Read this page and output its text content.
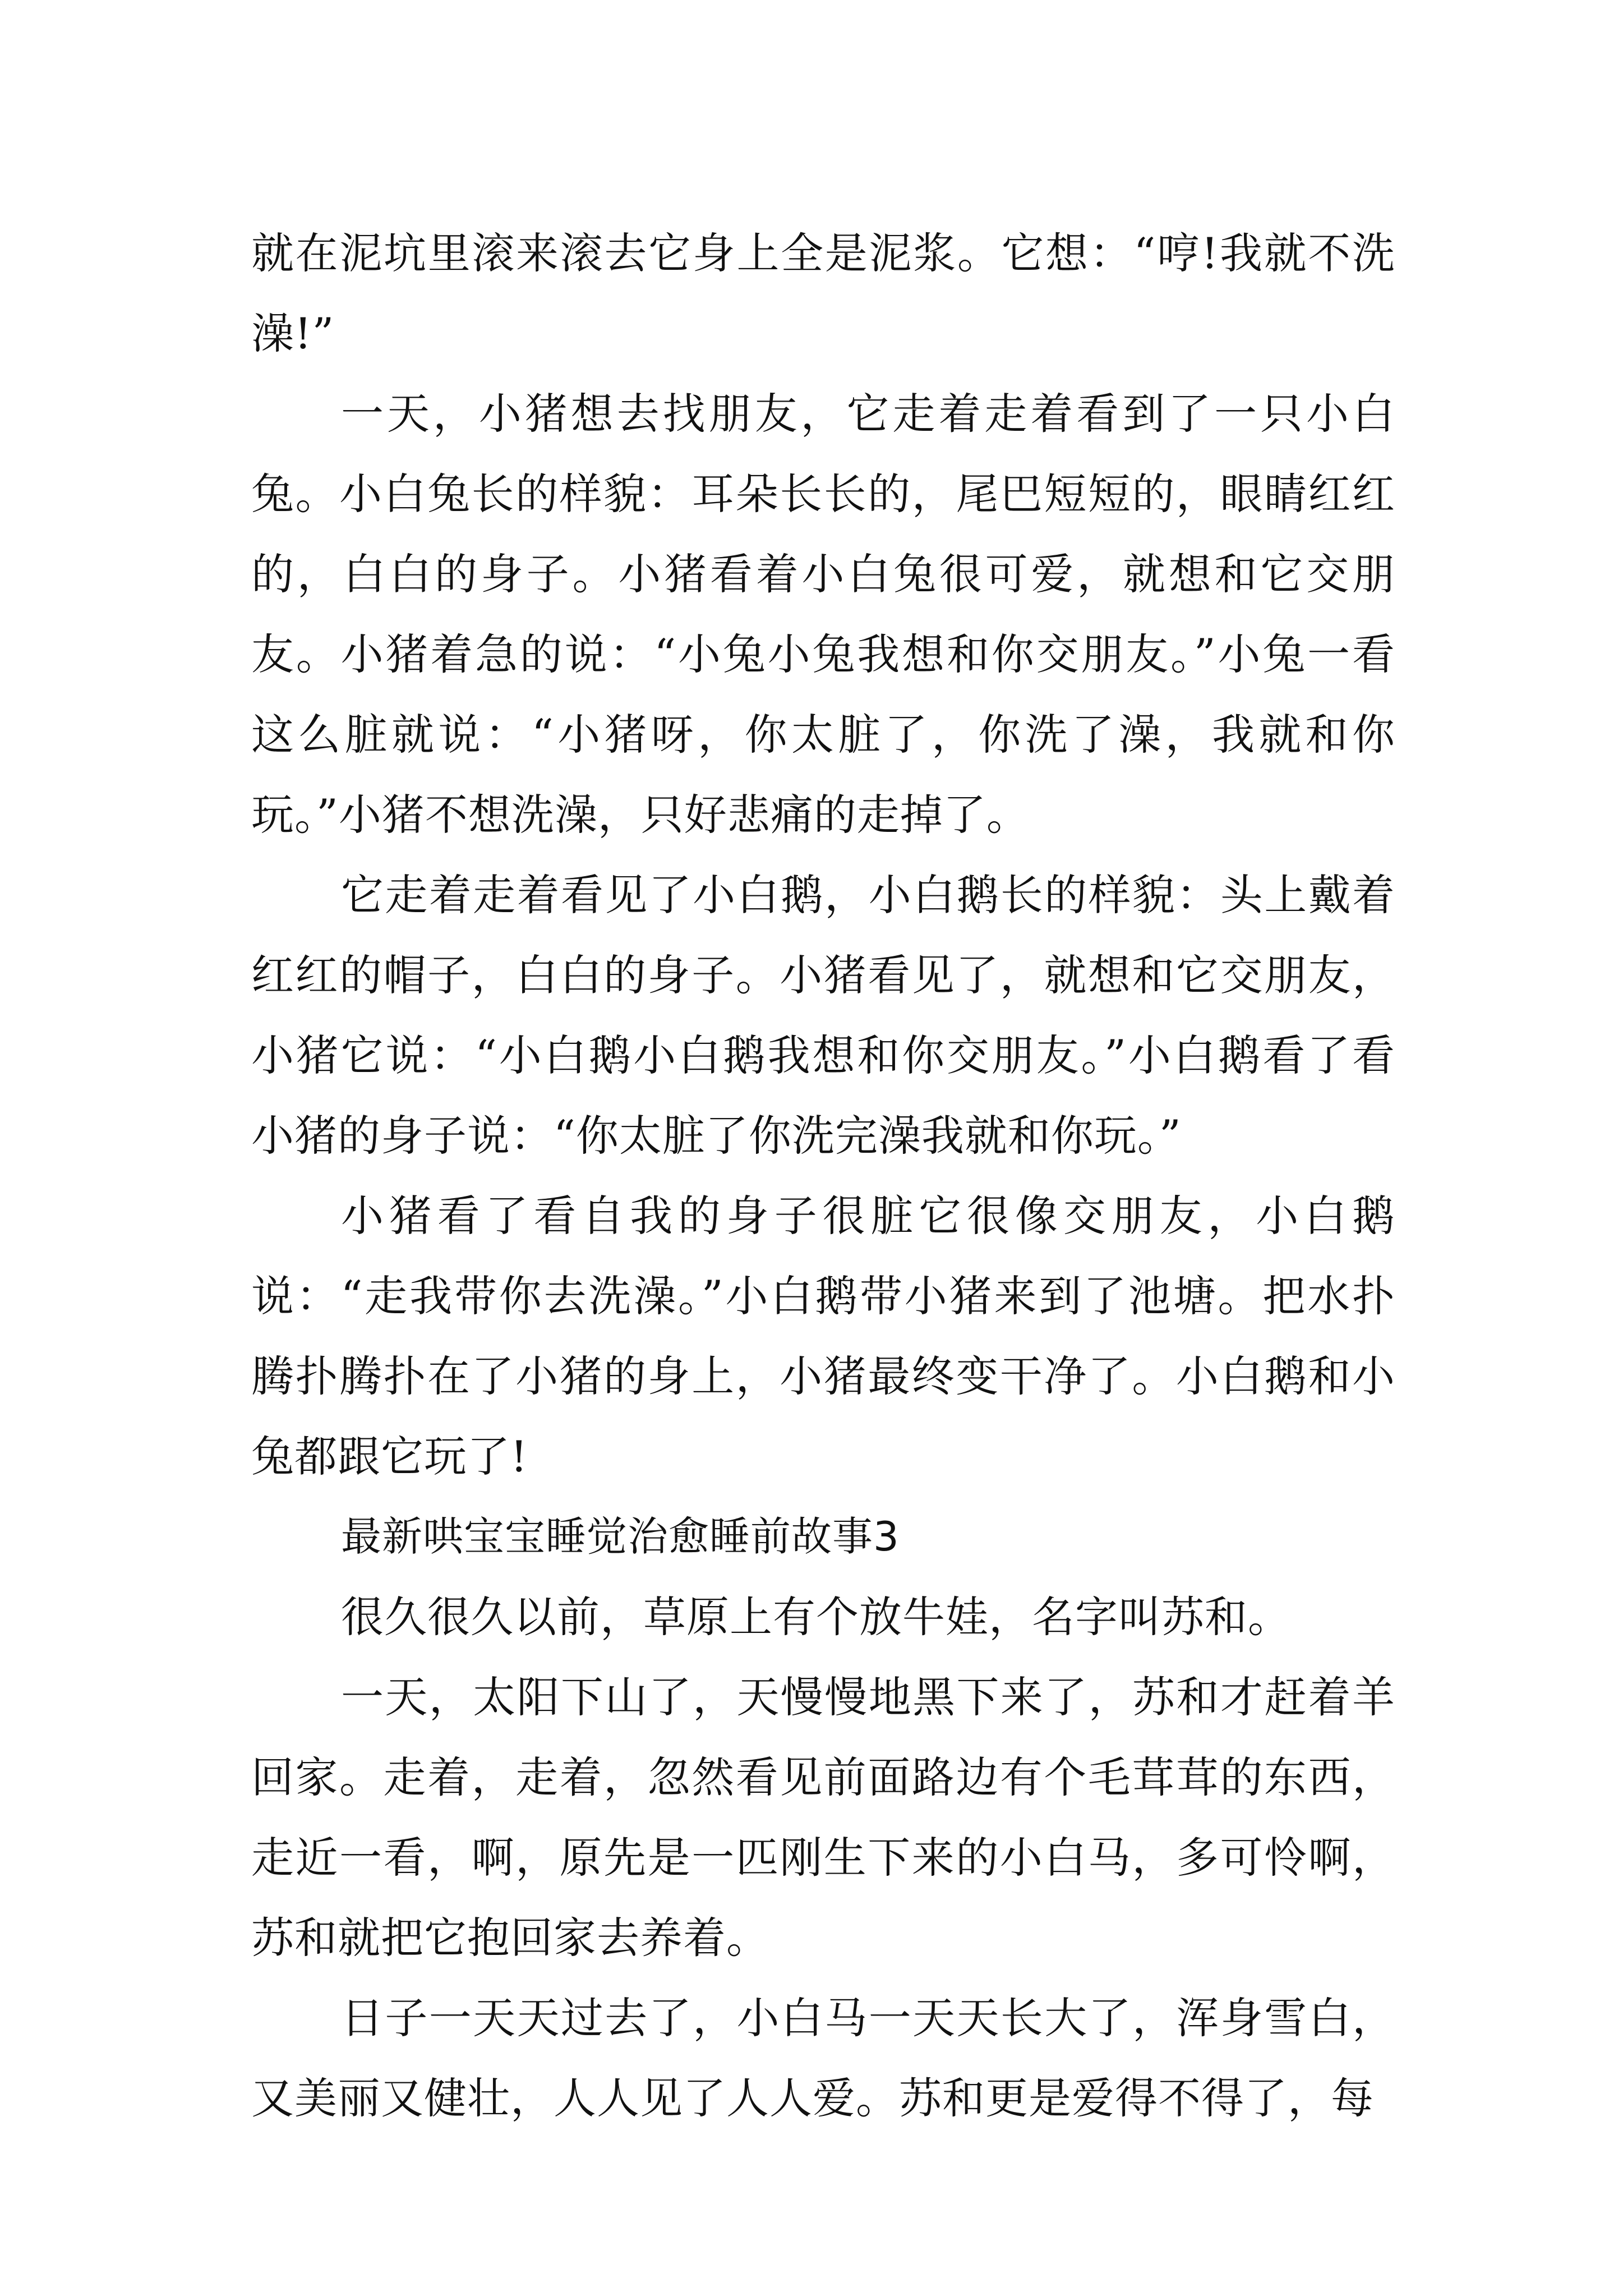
就在泥坑里滚来滚去它身上全是泥浆。它想：“哼!我就不洗澡!”

一天，小猪想去找朋友，它走着走着看到了一只小白兔。小白兔长的样貌：耳朵长长的，尾巴短短的，眼睛红红的，白白的身子。小猪看着小白兔很可爱，就想和它交朋友。小猪着急的说：“小兔小兔我想和你交朋友。”小兔一看这么脏就说：“小猪呀，你太脏了，你洗了澡，我就和你玩。”小猪不想洗澡，只好悲痛的走掉了。

它走着走着看见了小白鹅，小白鹅长的样貌：头上戴着红红的帽子，白白的身子。小猪看见了，就想和它交朋友，小猪它说：“小白鹅小白鹅我想和你交朋友。”小白鹅看了看小猪的身子说：“你太脏了你洗完澡我就和你玩。”

小猪看了看自我的身子很脏它很像交朋友，小白鹅说：“走我带你去洗澡。”小白鹅带小猪来到了池塘。把水扑腾扑腾扑在了小猪的身上，小猪最终变干净了。小白鹅和小兔都跟它玩了!

最新哄宝宝睡觉治愈睡前故事3

很久很久以前，草原上有个放牛娃，名字叫苏和。

一天，太阳下山了，天慢慢地黑下来了，苏和才赶着羊回家。走着，走着，忽然看见前面路边有个毛茸茸的东西，走近一看，啊，原先是一匹刚生下来的小白马，多可怜啊，苏和就把它抱回家去养着。

日子一天天过去了，小白马一天天长大了，浑身雪白，又美丽又健壮，人人见了人人爱。苏和更是爱得不得了，每
